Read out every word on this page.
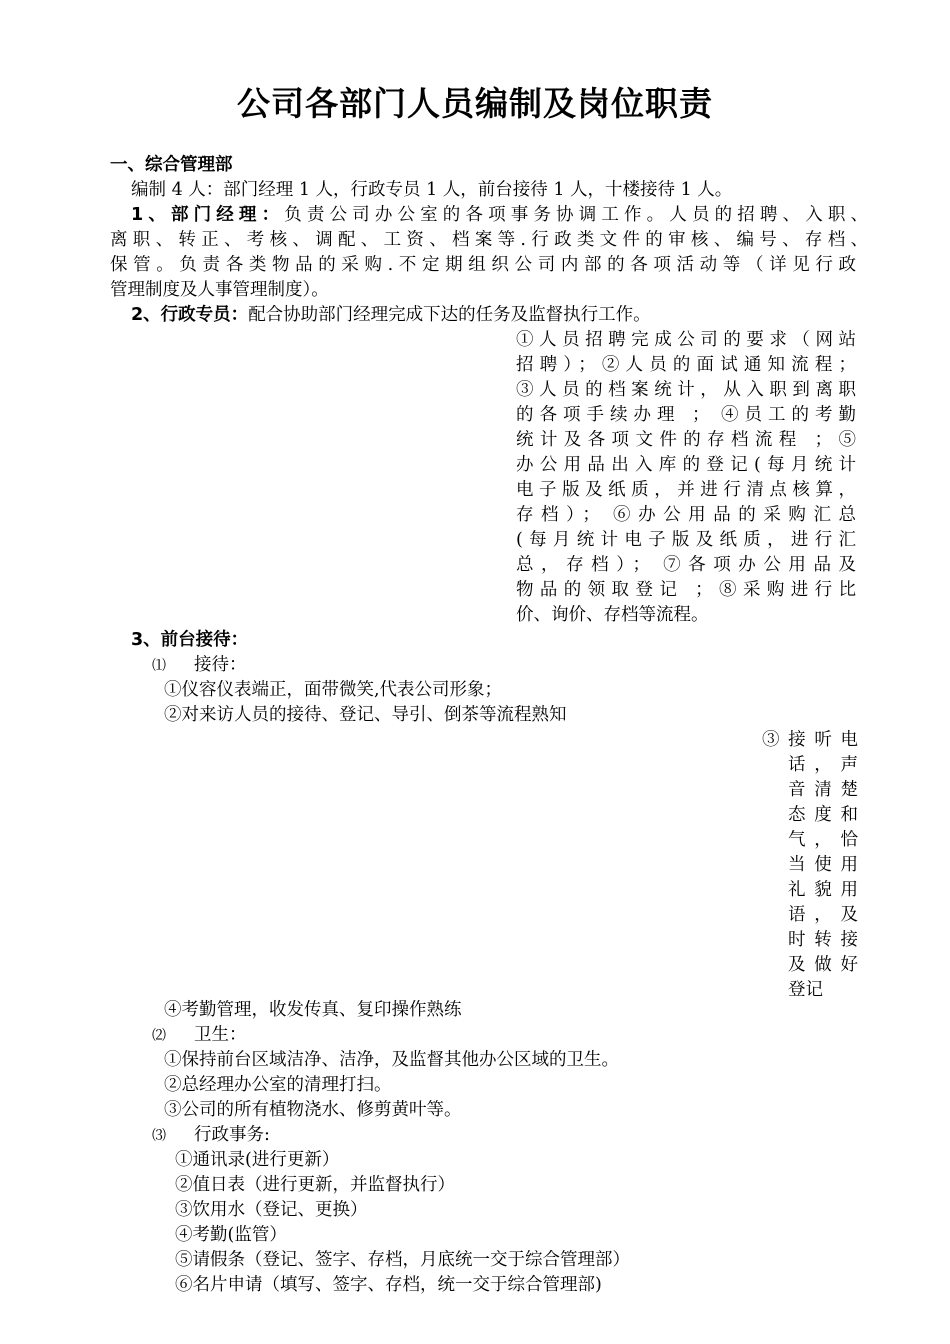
公司各部门人员编制及岗位职责
一、综合管理部
编制 4 人：部门经理 1 人，行政专员 1 人，前台接待 1 人，十楼接待 1 人。
1、部门经理：负责公司办公室的各项事务协调工作。人员的招聘、入职、
离职、转正、考核、调配、工资、档案等.行政类文件的审核、编号、存档、
保管。负责各类物品的采购.不定期组织公司内部的各项活动等（详见行政
管理制度及人事管理制度）。
2、行政专员：配合协助部门经理完成下达的任务及监督执行工作。
①人员招聘完成公司的要求（网站
招聘）；②人员的面试通知流程；
③人员的档案统计，从入职到离职
的各项手续办理 ； ④员工的考勤
统计及各项文件的存档流程 ；⑤
办公用品出入库的登记(每月统计
电子版及纸质，并进行清点核算，
存档）； ⑥办公用品的采购汇总
(每月统计电子版及纸质，进行汇
总，存档）； ⑦各项办公用品及
物品的领取登记 ；⑧采购进行比
价、询价、存档等流程。
3、前台接待：
⑴ 接待：
①仪容仪表端正，面带微笑,代表公司形象；
②对来访人员的接待、登记、导引、倒茶等流程熟知
③接听电
话，声
音清楚
态度和
气，恰
当使用
礼貌用
语，及
时转接
及做好
登记
④考勤管理，收发传真、复印操作熟练
⑵ 卫生：
①保持前台区域洁净、洁净，及监督其他办公区域的卫生。
②总经理办公室的清理打扫。
③公司的所有植物浇水、修剪黄叶等。
⑶ 行政事务:
①通讯录(进行更新）
②值日表（进行更新，并监督执行）
③饮用水（登记、更换）
④考勤(监管）
⑤请假条（登记、签字、存档，月底统一交于综合管理部）
⑥名片申请（填写、签字、存档，统一交于综合管理部)
